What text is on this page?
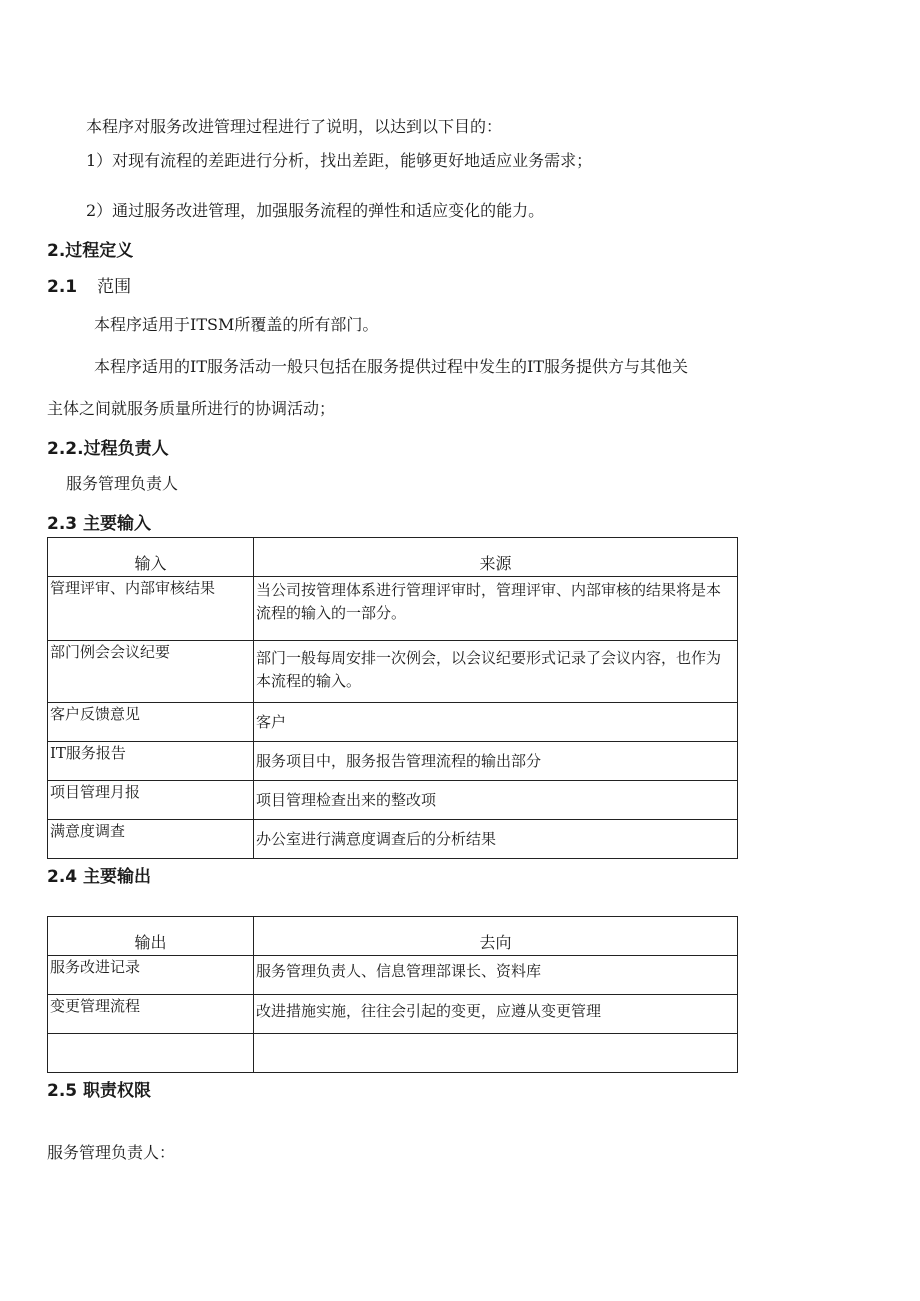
本程序对服务改进管理过程进行了说明，以达到以下目的：
1）对现有流程的差距进行分析，找出差距，能够更好地适应业务需求；
2）通过服务改进管理，加强服务流程的弹性和适应变化的能力。
2.过程定义
2.1 范围
本程序适用于ITSM所覆盖的所有部门。
本程序适用的IT服务活动一般只包括在服务提供过程中发生的IT服务提供方与其他关
主体之间就服务质量所进行的协调活动；
2.2.过程负责人
服务管理负责人
2.3 主要输入
输入	来源
管理评审、内部审核结果	当公司按管理体系进行管理评审时，管理评审、内部审核的结果将是本流程的输入的一部分。
部门例会会议纪要	部门一般每周安排一次例会，以会议纪要形式记录了会议内容，也作为本流程的输入。
客户反馈意见	客户
IT服务报告	服务项目中，服务报告管理流程的输出部分
项目管理月报	项目管理检查出来的整改项
满意度调查	办公室进行满意度调查后的分析结果
2.4 主要输出
输出	去向
服务改进记录	服务管理负责人、信息管理部课长、资料库
变更管理流程	改进措施实施，往往会引起的变更，应遵从变更管理

2.5 职责权限
服务管理负责人：
